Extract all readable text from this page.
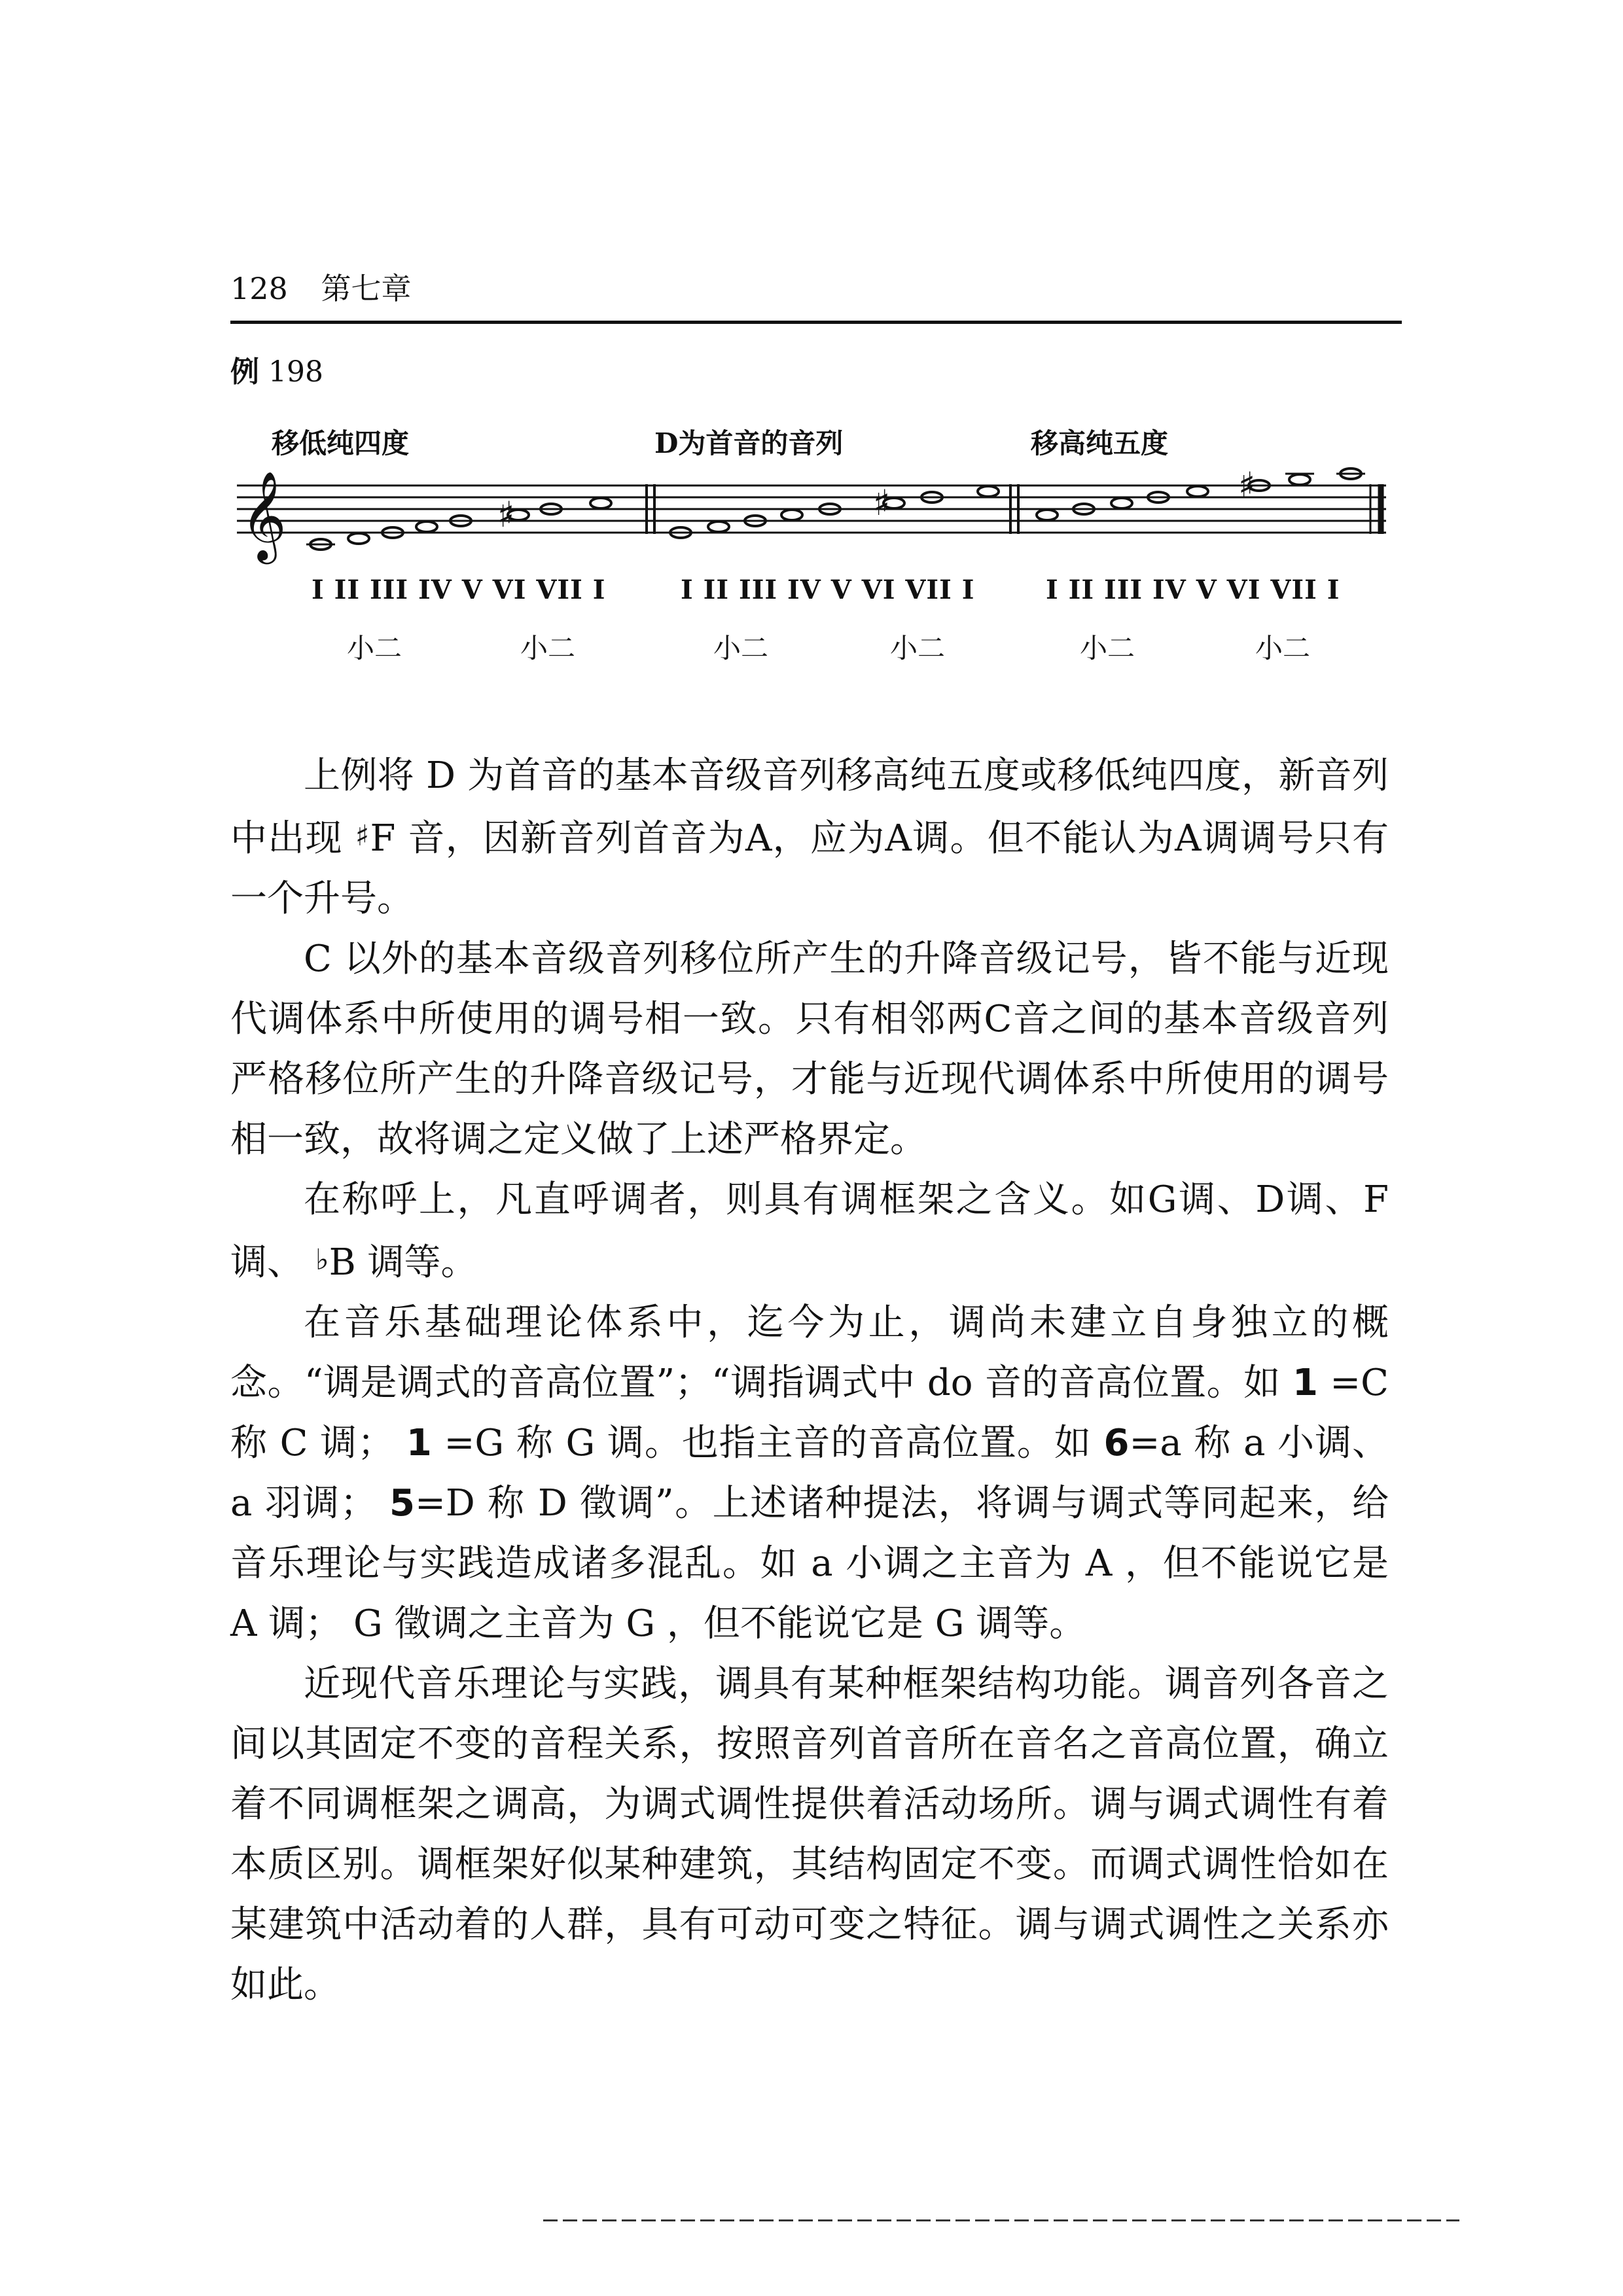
128 第七章
例 198
移低纯四度	D为首音的音列	移高纯五度
𝄞	♯	♯	♯
I II III IV V VI VII I	I II III IV V VI VII I	I II III IV V VI VII I
小二	小二	小二	小二	小二	小二

上例将 D 为首音的基本音级音列移高纯五度或移低纯四度，新音列中出现 ♯F 音，因新音列首音为A，应为A调。但不能认为A调调号只有一个升号。

C 以外的基本音级音列移位所产生的升降音级记号，皆不能与近现代调体系中所使用的调号相一致。只有相邻两C音之间的基本音级音列严格移位所产生的升降音级记号，才能与近现代调体系中所使用的调号相一致，故将调之定义做了上述严格界定。

在称呼上，凡直呼调者，则具有调框架之含义。如G调、D调、F调、 ♭B 调等。

在音乐基础理论体系中，迄今为止，调尚未建立自身独立的概念。“调是调式的音高位置”；“调指调式中 do 音的音高位置。如 1 =C 称 C 调； 1 =G 称 G 调。也指主音的音高位置。如 6=a 称 a 小调、 a 羽调； 5=D 称 D 徵调”。上述诸种提法，将调与调式等同起来，给音乐理论与实践造成诸多混乱。如 a 小调之主音为 A ，但不能说它是 A 调； G 徵调之主音为 G ，但不能说它是 G 调等。

近现代音乐理论与实践，调具有某种框架结构功能。调音列各音之间以其固定不变的音程关系，按照音列首音所在音名之音高位置，确立着不同调框架之调高，为调式调性提供着活动场所。调与调式调性有着本质区别。调框架好似某种建筑，其结构固定不变。而调式调性恰如在某建筑中活动着的人群，具有可动可变之特征。调与调式调性之关系亦如此。
